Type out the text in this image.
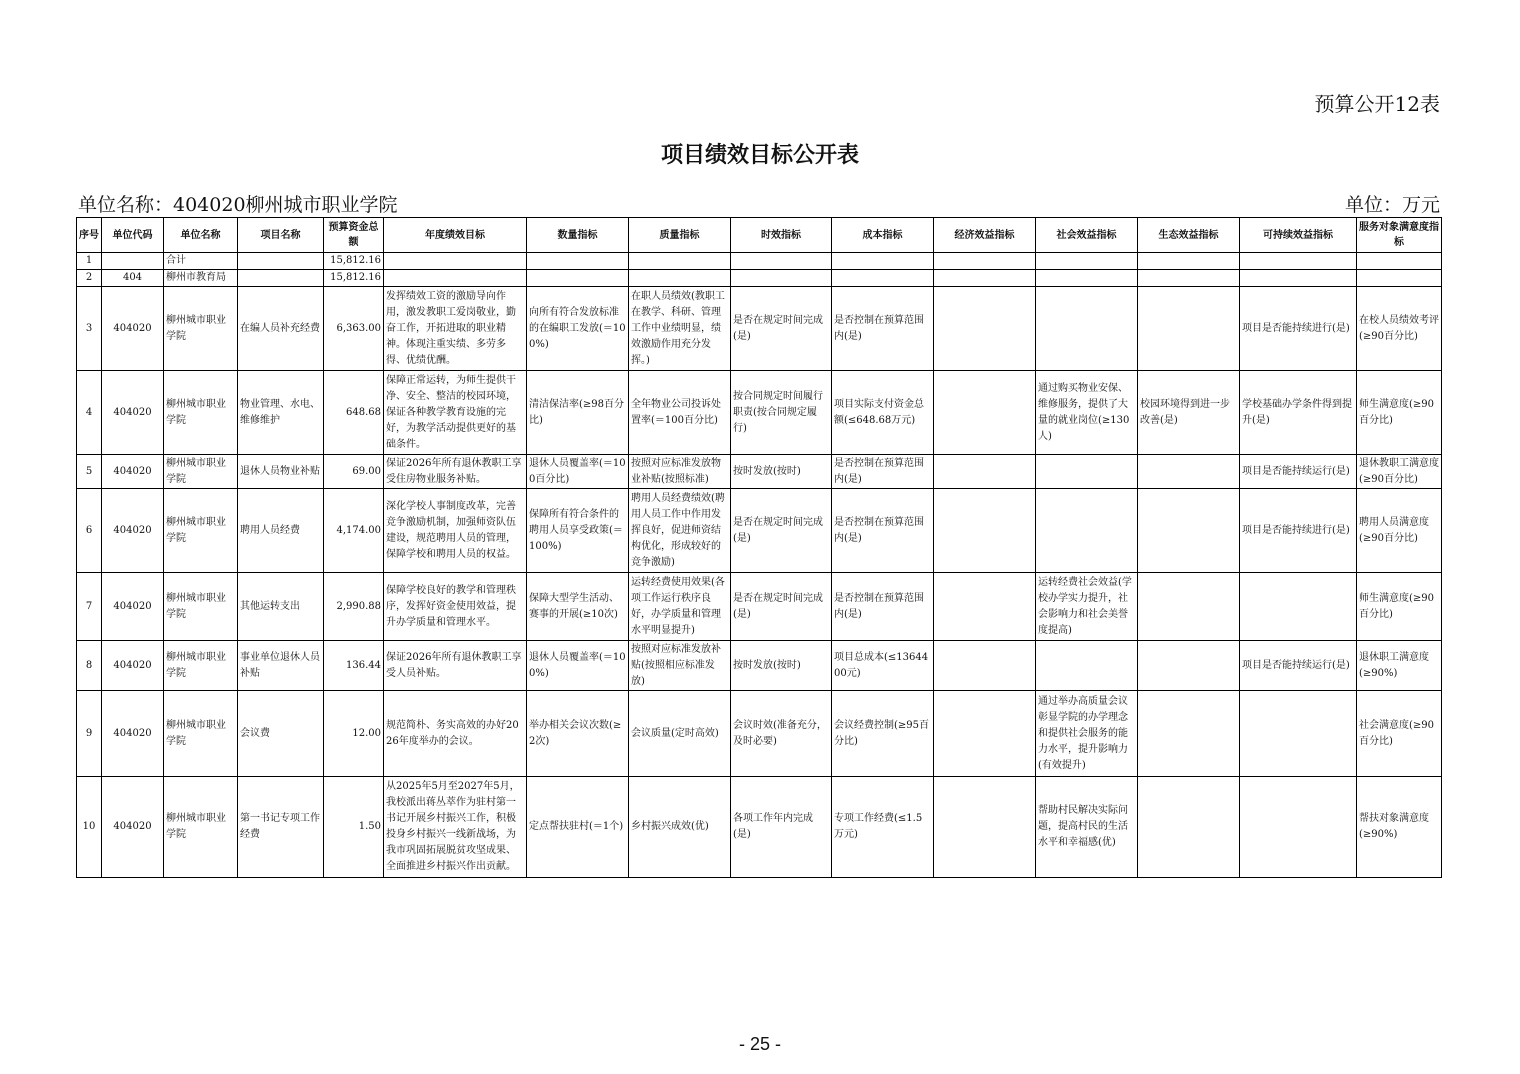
预算公开12表
项目绩效目标公开表
单位名称：404020柳州城市职业学院	单位：万元
序号	单位代码	单位名称	项目名称	预算资金总额	年度绩效目标	数量指标	质量指标	时效指标	成本指标	经济效益指标	社会效益指标	生态效益指标	可持续效益指标	服务对象满意度指标
1		合计		15,812.16										
2	404	柳州市教育局		15,812.16										
3	404020	柳州城市职业学院	在编人员补充经费	6,363.00	发挥绩效工资的激励导向作用，激发教职工爱岗敬业，勤奋工作，开拓进取的职业精神。体现注重实绩、多劳多得、优绩优酬。	向所有符合发放标准的在编职工发放(＝100%)	在职人员绩效(教职工在教学、科研、管理工作中业绩明显，绩效激励作用充分发挥。)	是否在规定时间完成(是)	是否控制在预算范围内(是)				项目是否能持续进行(是)	在校人员绩效考评(≥90百分比)
4	404020	柳州城市职业学院	物业管理、水电、维修维护	648.68	保障正常运转，为师生提供干净、安全、整洁的校园环境，保证各种教学教育设施的完好，为教学活动提供更好的基础条件。	清洁保洁率(≥98百分比)	全年物业公司投诉处置率(＝100百分比)	按合同规定时间履行职责(按合同规定履行)	项目实际支付资金总额(≤648.68万元)		通过购买物业安保、维修服务，提供了大量的就业岗位(≥130人)	校园环境得到进一步改善(是)	学校基础办学条件得到提升(是)	师生满意度(≥90百分比)
5	404020	柳州城市职业学院	退休人员物业补贴	69.00	保证2026年所有退休教职工享受住房物业服务补贴。	退休人员覆盖率(＝100百分比)	按照对应标准发放物业补贴(按照标准)	按时发放(按时)	是否控制在预算范围内(是)				项目是否能持续运行(是)	退休教职工满意度(≥90百分比)
6	404020	柳州城市职业学院	聘用人员经费	4,174.00	深化学校人事制度改革，完善竞争激励机制，加强师资队伍建设，规范聘用人员的管理，保障学校和聘用人员的权益。	保障所有符合条件的聘用人员享受政策(＝100%)	聘用人员经费绩效(聘用人员工作中作用发挥良好，促进师资结构优化，形成较好的竞争激励)	是否在规定时间完成(是)	是否控制在预算范围内(是)				项目是否能持续进行(是)	聘用人员满意度(≥90百分比)
7	404020	柳州城市职业学院	其他运转支出	2,990.88	保障学校良好的教学和管理秩序，发挥好资金使用效益，提升办学质量和管理水平。	保障大型学生活动、赛事的开展(≥10次)	运转经费使用效果(各项工作运行秩序良好，办学质量和管理水平明显提升)	是否在规定时间完成(是)	是否控制在预算范围内(是)		运转经费社会效益(学校办学实力提升，社会影响力和社会美誉度提高)			师生满意度(≥90百分比)
8	404020	柳州城市职业学院	事业单位退休人员补贴	136.44	保证2026年所有退休教职工享受人员补贴。	退休人员覆盖率(＝100%)	按照对应标准发放补贴(按照相应标准发放)	按时发放(按时)	项目总成本(≤1364400元)				项目是否能持续运行(是)	退休职工满意度(≥90%)
9	404020	柳州城市职业学院	会议费	12.00	规范简朴、务实高效的办好2026年度举办的会议。	举办相关会议次数(≥2次)	会议质量(定时高效)	会议时效(准备充分，及时必要)	会议经费控制(≥95百分比)		通过举办高质量会议彰显学院的办学理念和提供社会服务的能力水平，提升影响力(有效提升)			社会满意度(≥90百分比)
10	404020	柳州城市职业学院	第一书记专项工作经费	1.50	从2025年5月至2027年5月，我校派出蒋丛萃作为驻村第一书记开展乡村振兴工作，积极投身乡村振兴一线新战场，为我市巩固拓展脱贫攻坚成果、全面推进乡村振兴作出贡献。	定点帮扶驻村(＝1个)	乡村振兴成效(优)	各项工作年内完成(是)	专项工作经费(≤1.5万元)		帮助村民解决实际问题，提高村民的生活水平和幸福感(优)			帮扶对象满意度(≥90%)
- 25 -
